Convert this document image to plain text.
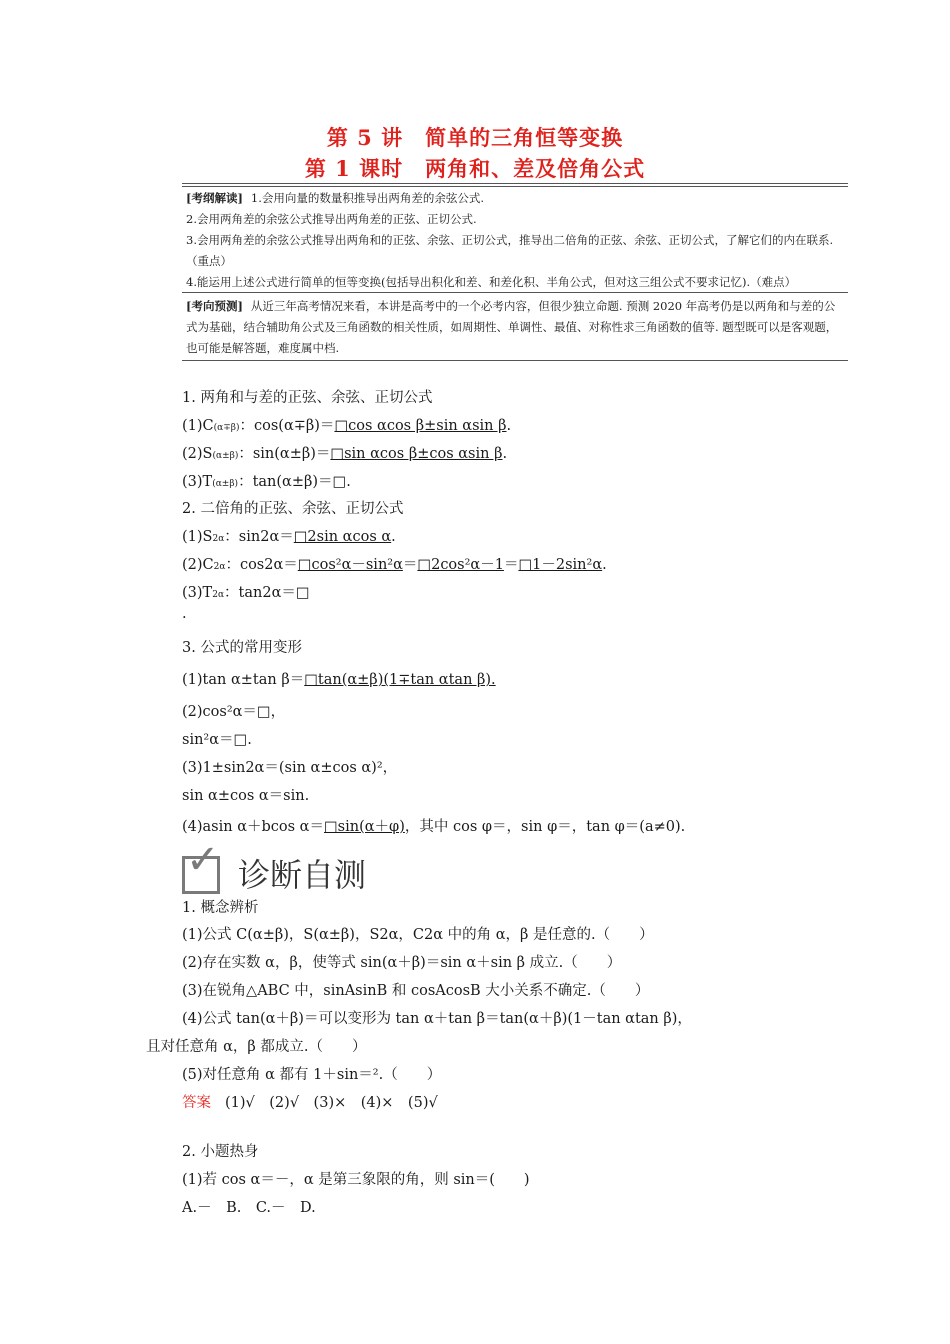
第 5 讲　简单的三角恒等变换
第 1 课时　两角和、差及倍角公式
[考纲解读] 1.会用向量的数量积推导出两角差的余弦公式.
2.会用两角差的余弦公式推导出两角差的正弦、正切公式.
3.会用两角差的余弦公式推导出两角和的正弦、余弦、正切公式，推导出二倍角的正弦、余弦、正切公式，了解它们的内在联系.（重点）
4.能运用上述公式进行简单的恒等变换(包括导出积化和差、和差化积、半角公式，但对这三组公式不要求记忆).（难点）
[考向预测] 从近三年高考情况来看，本讲是高考中的一个必考内容，但很少独立命题. 预测 2020 年高考仍是以两角和与差的公式为基础，结合辅助角公式及三角函数的相关性质，如周期性、单调性、最值、对称性求三角函数的值等. 题型既可以是客观题，也可能是解答题，难度属中档.
1. 两角和与差的正弦、余弦、正切公式
(1)C(α∓β)：cos(α∓β)＝□cos αcos β±sin αsin β.
(2)S(α±β)：sin(α±β)＝□sin αcos β±cos αsin β.
(3)T(α±β)：tan(α±β)＝□.
2. 二倍角的正弦、余弦、正切公式
(1)S2α：sin2α＝□2sin αcos α.
(2)C2α：cos2α＝□cos²α－sin²α＝□2cos²α－1＝□1－2sin²α.
(3)T2α：tan2α＝□
.
3. 公式的常用变形
(1)tan α±tan β＝□tan(α±β)(1∓tan αtan β).
(2)cos²α＝□，
sin²α＝□.
(3)1±sin2α＝(sin α±cos α)²，
sin α±cos α＝sin.
(4)asin α＋bcos α＝□sin(α＋φ)，其中 cos φ＝，sin φ＝，tan φ＝(a≠0).
✓ 诊断自测
1. 概念辨析
(1)公式 C(α±β)，S(α±β)，S2α，C2α 中的角 α，β 是任意的.（　　）
(2)存在实数 α，β，使等式 sin(α＋β)＝sin α＋sin β 成立.（　　）
(3)在锐角△ABC 中，sinAsinB 和 cosAcosB 大小关系不确定.（　　）
(4)公式 tan(α＋β)＝可以变形为 tan α＋tan β＝tan(α＋β)(1－tan αtan β)，
且对任意角 α，β 都成立.（　　）
(5)对任意角 α 都有 1＋sin＝².（　　）
答案 (1)√　(2)√　(3)×　(4)×　(5)√
2. 小题热身
(1)若 cos α＝－，α 是第三象限的角，则 sin＝(　　)
A.－　B.　C.－　D.
